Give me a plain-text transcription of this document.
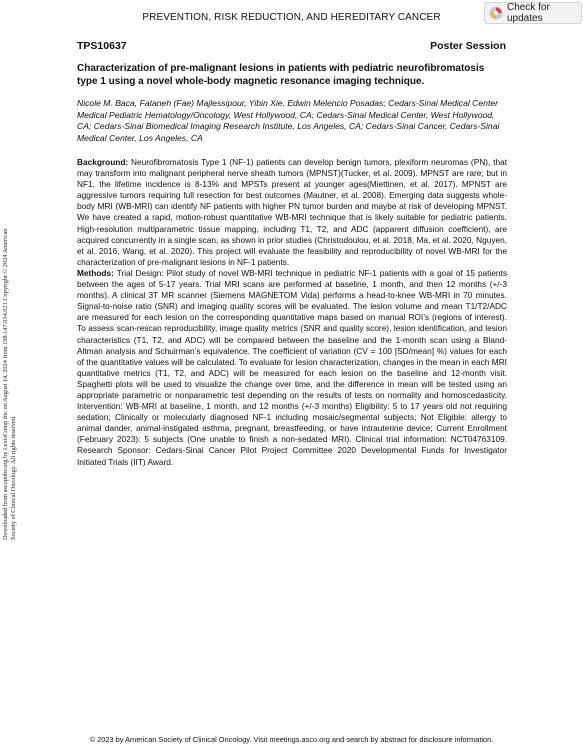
PREVENTION, RISK REDUCTION, AND HEREDITARY CANCER
Check for updates
Downloaded from ascopubs.org by LexisComp Inc on August 14, 2024 from 198.147.034.021 Copyright © 2024 American Society of Clinical Oncology. All rights reserved.
TPS10637	Poster Session
Characterization of pre-malignant lesions in patients with pediatric neurofibromatosis type 1 using a novel whole-body magnetic resonance imaging technique.
Nicole M. Baca, Fataneh (Fae) Majlessipour, Yibin Xie, Edwin Melencio Posadas; Cedars-Sinai Medical Center Medical Pediatric Hematology/Oncology, West Hollywood, CA; Cedars-Sinai Medical Center, West Hollywood, CA; Cedars-Sinai Biomedical Imaging Research Institute, Los Angeles, CA; Cedars-Sinai Cancer, Cedars-Sinai Medical Center, Los Angeles, CA
Background: Neurofibromatosis Type 1 (NF-1) patients can develop benign tumors, plexiform neuromas (PN), that may transform into malignant peripheral nerve sheath tumors (MPNST)(Tucker, et al. 2009). MPNST are rare; but in NF1, the lifetime incidence is 8-13% and MPSTs present at younger ages(Miettinen, et al. 2017). MPNST are aggressive tumors requiring full resection for best outcomes (Mautner, et al. 2008). Emerging data suggests whole-body MRI (WB-MRI) can identify NF patients with higher PN tumor burden and maybe at risk of developing MPNST. We have created a rapid, motion-robust quantitative WB-MRI technique that is likely suitable for pediatric patients. High-resolution multiparametric tissue mapping, including T1, T2, and ADC (apparent diffusion coefficient), are acquired concurrently in a single scan, as shown in prior studies (Christodoulou, et al. 2018, Ma, et al. 2020, Nguyen, et al. 2016, Wang, et al. 2020). This project will evaluate the feasibility and reproducibility of novel WB-MRI for the characterization of pre-malignant lesions in NF-1 patients.
Methods: Trial Design: Pilot study of novel WB-MRI technique in pediatric NF-1 patients with a goal of 15 patients between the ages of 5-17 years. Trial MRI scans are performed at baseline, 1 month, and then 12 months (+/-3 months). A clinical 3T MR scanner (Siemens MAGNETOM Vida) performs a head-to-knee WB-MRI in 70 minutes. Signal-to-noise ratio (SNR) and imaging quality scores will be evaluated. The lesion volume and mean T1/T2/ADC are measured for each lesion on the corresponding quantitative maps based on manual ROI’s (regions of interest). To assess scan-rescan reproducibility, image quality metrics (SNR and quality score), lesion identification, and lesion characteristics (T1, T2, and ADC) will be compared between the baseline and the 1-month scan using a Bland-Altman analysis and Schuirman’s equivalence. The coefficient of variation (CV = 100 [SD/mean] %) values for each of the quantitative values will be calculated. To evaluate for lesion characterization, changes in the mean in each MRI quantitative metrics (T1, T2, and ADC) will be measured for each lesion on the baseline and 12-month visit. Spaghetti plots will be used to visualize the change over time, and the difference in mean will be tested using an appropriate parametric or nonparametric test depending on the results of tests on normality and homoscedasticity. Intervention: WB-MRI at baseline, 1 month, and 12 months (+/-3 months) Eligibility: 5 to 17 years old not requiring sedation; Clinically or molecularly diagnosed NF-1 including mosaic/segmental subjects; Not Eligible: allergy to animal dander, animal-instigated asthma, pregnant, breastfeeding, or have intrauterine device; Current Enrollment (February 2023): 5 subjects (One unable to finish a non-sedated MRI). Clinical trial information: NCT04763109. Research Sponsor: Cedars-Sinai Cancer Pilot Project Committee 2020 Developmental Funds for Investigator Initiated Trials (IIT) Award.
© 2023 by American Society of Clinical Oncology. Visit meetings.asco.org and search by abstract for disclosure information.
